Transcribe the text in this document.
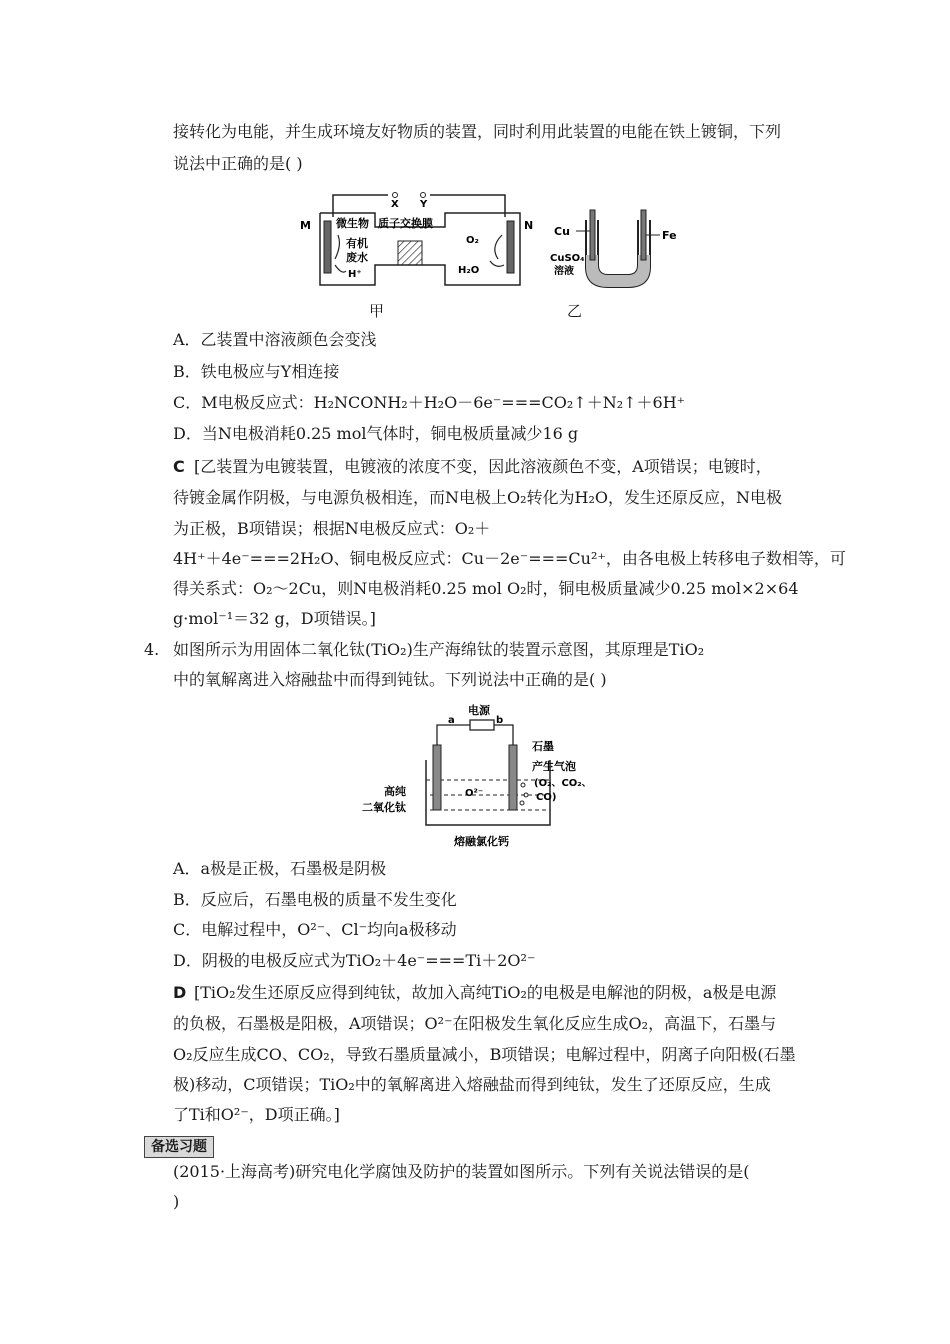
接转化为电能，并生成环境友好物质的装置，同时利用此装置的电能在铁上镀铜，下列
说法中正确的是( )
X Y
M	N
微生物 质子交换膜
有机
废水
H⁺
O₂
H₂O
甲
Cu	Fe
CuSO₄
溶液
乙
A．乙装置中溶液颜色会变浅
B．铁电极应与Y相连接
C．M电极反应式：H₂NCONH₂＋H₂O－6e⁻===CO₂↑＋N₂↑＋6H⁺
D．当N电极消耗0.25 mol气体时，铜电极质量减少16 g
C [乙装置为电镀装置，电镀液的浓度不变，因此溶液颜色不变，A项错误；电镀时，
待镀金属作阴极，与电源负极相连，而N电极上O₂转化为H₂O，发生还原反应，N电极
为正极，B项错误；根据N电极反应式：O₂＋
4H⁺＋4e⁻===2H₂O、铜电极反应式：Cu－2e⁻===Cu²⁺，由各电极上转移电子数相等，可
得关系式：O₂～2Cu，则N电极消耗0.25 mol O₂时，铜电极质量减少0.25 mol×2×64
g·mol⁻¹＝32 g，D项错误。]
4. 如图所示为用固体二氧化钛(TiO₂)生产海绵钛的装置示意图，其原理是TiO₂
中的氧解离进入熔融盐中而得到钝钛。下列说法中正确的是( )
电源
a	b
石墨
O²⁻
产生气泡
(O₂、CO₂、
CO)
高纯
二氧化钛
熔融氯化钙
A．a极是正极，石墨极是阴极
B．反应后，石墨电极的质量不发生变化
C．电解过程中，O²⁻、Cl⁻均向a极移动
D．阴极的电极反应式为TiO₂＋4e⁻===Ti＋2O²⁻
D [TiO₂发生还原反应得到纯钛，故加入高纯TiO₂的电极是电解池的阴极，a极是电源
的负极，石墨极是阳极，A项错误；O²⁻在阳极发生氧化反应生成O₂，高温下，石墨与
O₂反应生成CO、CO₂，导致石墨质量减小，B项错误；电解过程中，阴离子向阳极(石墨
极)移动，C项错误；TiO₂中的氧解离进入熔融盐而得到纯钛，发生了还原反应，生成
了Ti和O²⁻，D项正确。]
备选习题
(2015·上海高考)研究电化学腐蚀及防护的装置如图所示。下列有关说法错误的是(
)
